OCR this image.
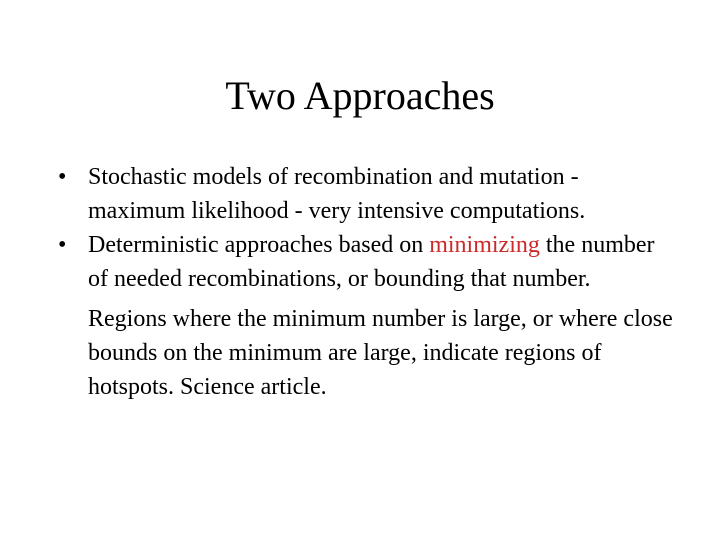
Two Approaches
• Stochastic models of recombination and mutation - maximum likelihood - very intensive computations.
• Deterministic approaches based on minimizing the number of needed recombinations, or bounding that number.
Regions where the minimum number is large, or where close bounds on the minimum are large, indicate regions of hotspots. Science article.
